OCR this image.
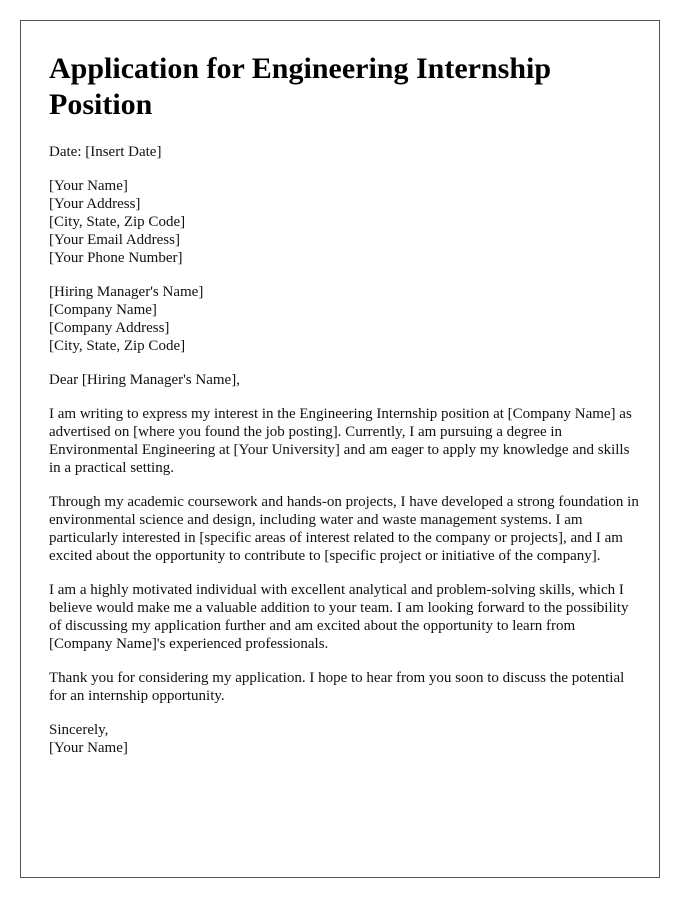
Application for Engineering Internship Position
Date: [Insert Date]
[Your Name]
[Your Address]
[City, State, Zip Code]
[Your Email Address]
[Your Phone Number]
[Hiring Manager's Name]
[Company Name]
[Company Address]
[City, State, Zip Code]

Dear [Hiring Manager's Name],

I am writing to express my interest in the Engineering Internship position at [Company Name] as advertised on [where you found the job posting]. Currently, I am pursuing a degree in Environmental Engineering at [Your University] and am eager to apply my knowledge and skills in a practical setting.

Through my academic coursework and hands-on projects, I have developed a strong foundation in environmental science and design, including water and waste management systems. I am particularly interested in [specific areas of interest related to the company or projects], and I am excited about the opportunity to contribute to [specific project or initiative of the company].

I am a highly motivated individual with excellent analytical and problem-solving skills, which I believe would make me a valuable addition to your team. I am looking forward to the possibility of discussing my application further and am excited about the opportunity to learn from [Company Name]'s experienced professionals.

Thank you for considering my application. I hope to hear from you soon to discuss the potential for an internship opportunity.

Sincerely,
[Your Name]
